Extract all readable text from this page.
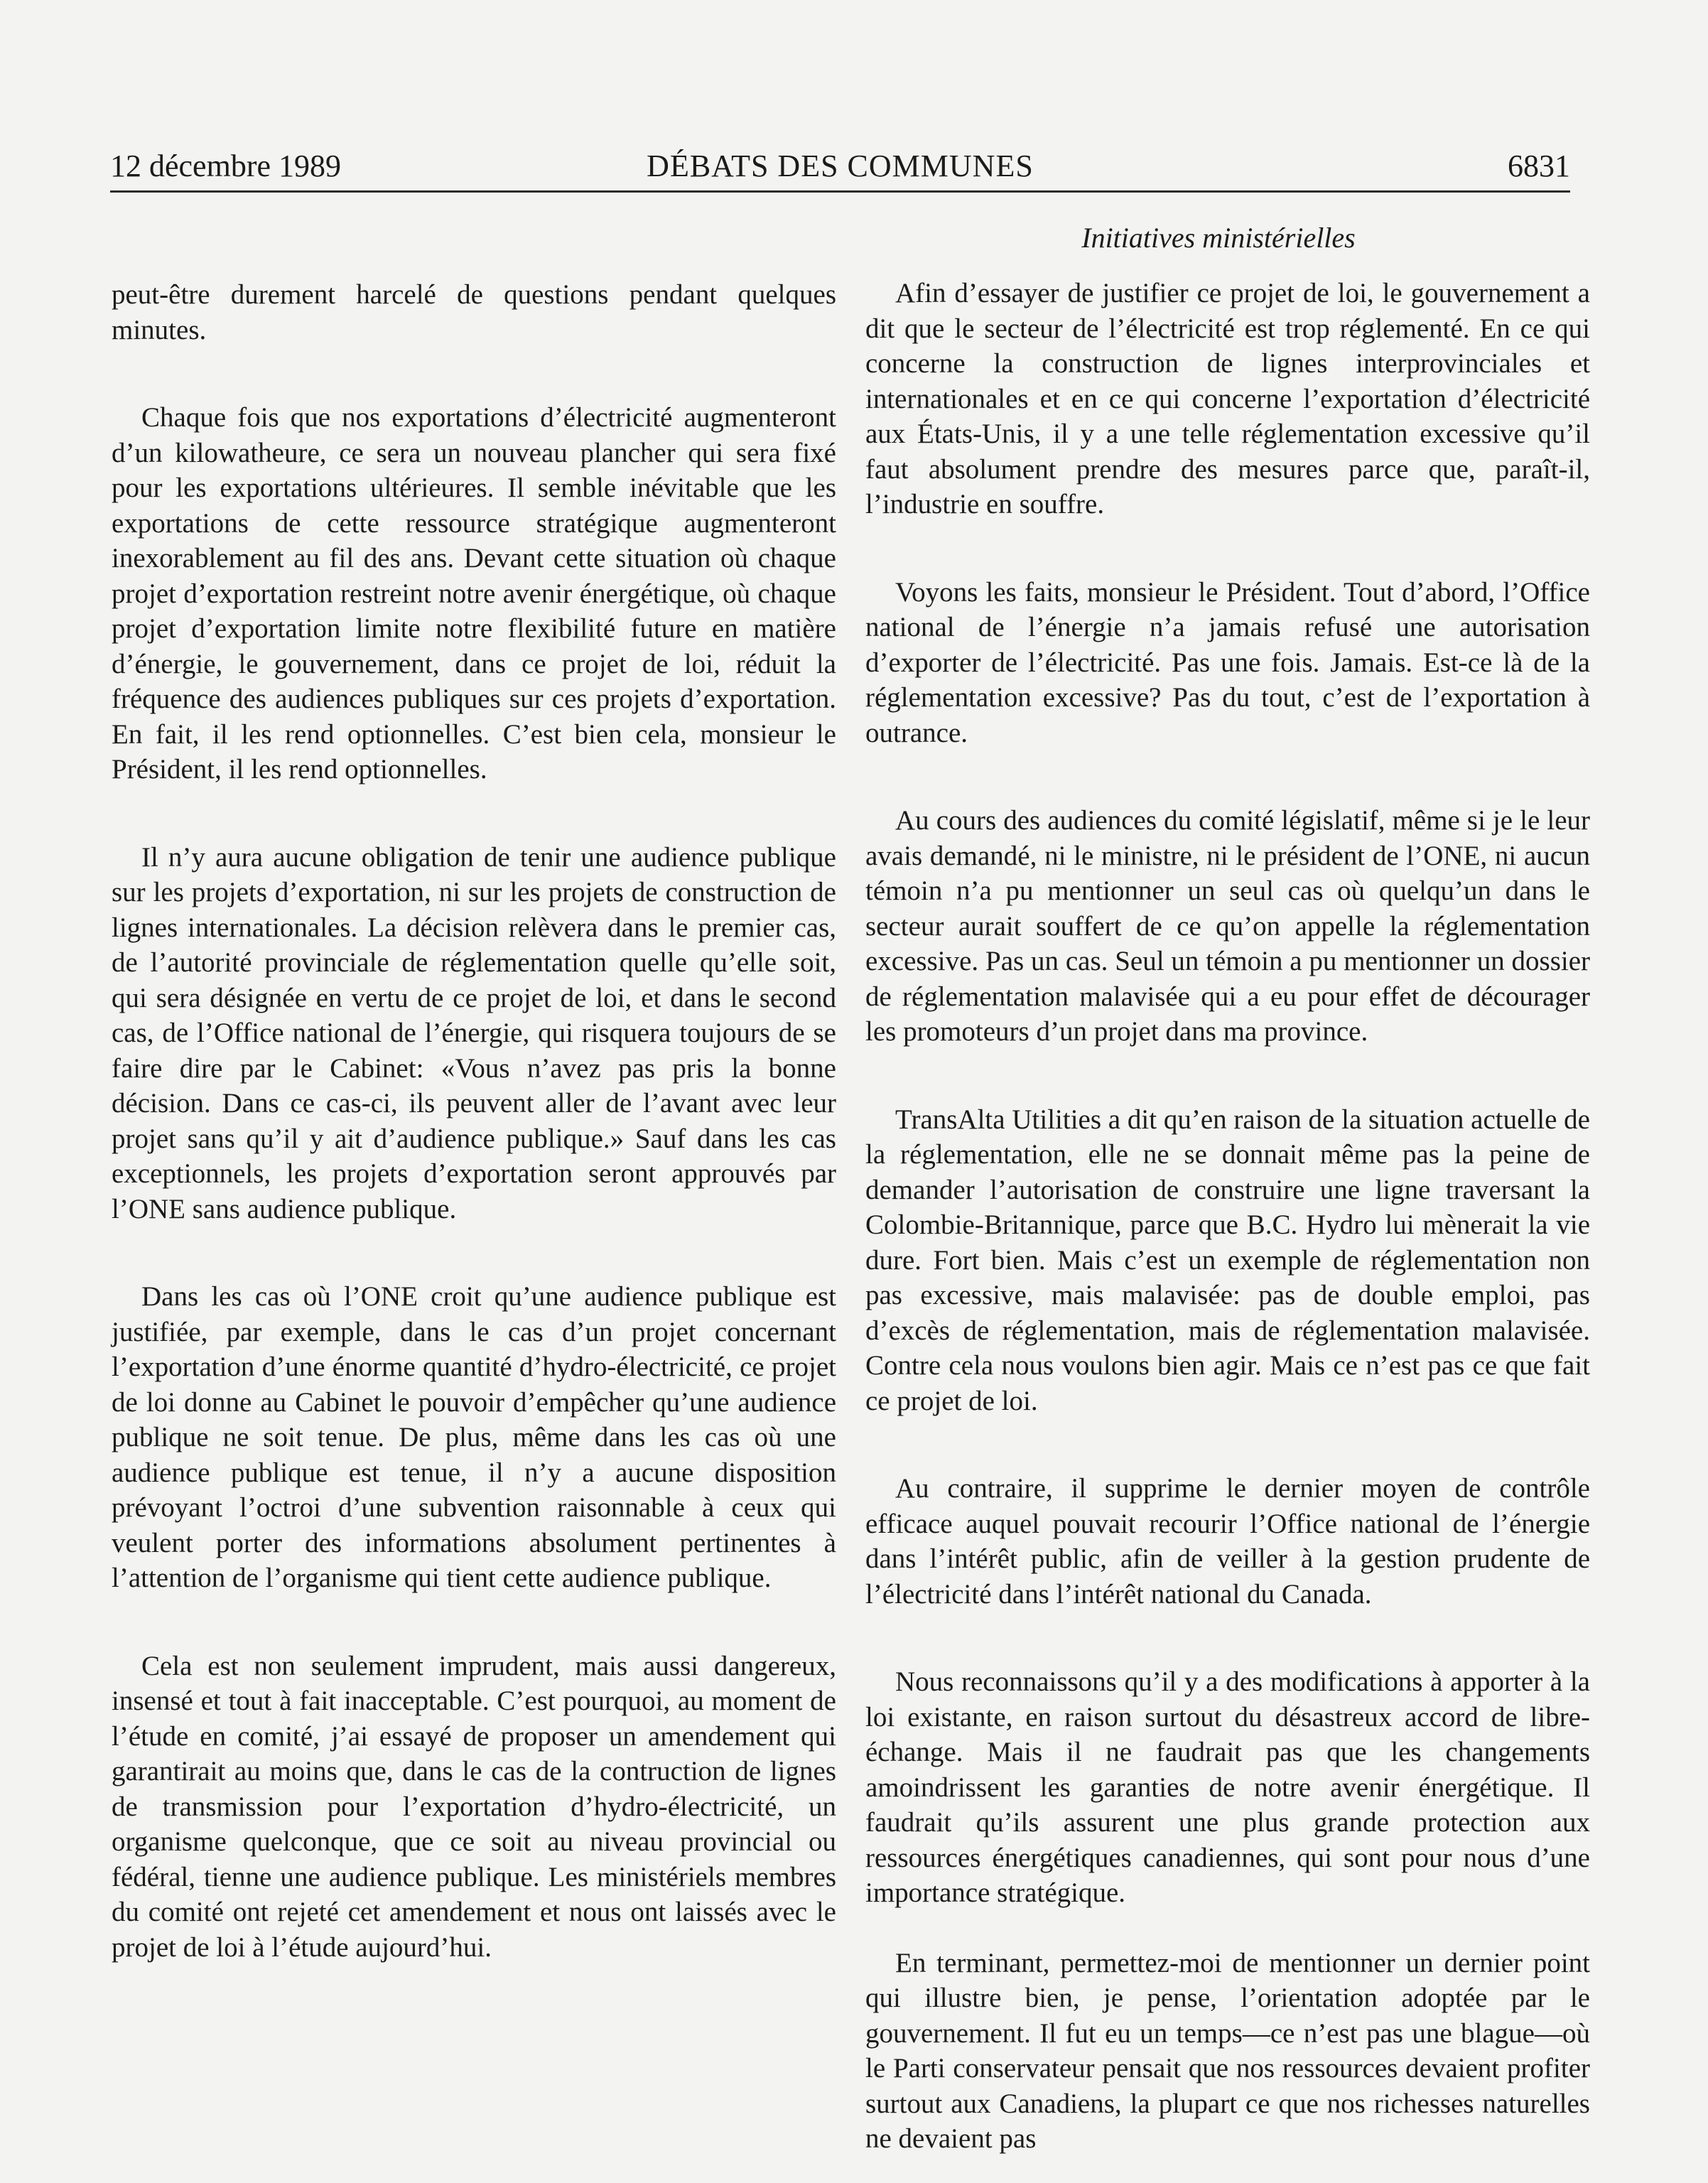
12 décembre 1989	DÉBATS DES COMMUNES	6831
Initiatives ministérielles

peut-être durement harcelé de questions pendant quelques minutes.

Chaque fois que nos exportations d’électricité augmenteront d’un kilowatheure, ce sera un nouveau plancher qui sera fixé pour les exportations ultérieures. Il semble inévitable que les exportations de cette ressource stratégique augmenteront inexorablement au fil des ans. Devant cette situation où chaque projet d’exportation restreint notre avenir énergétique, où chaque projet d’exportation limite notre flexibilité future en matière d’énergie, le gouvernement, dans ce projet de loi, réduit la fréquence des audiences publiques sur ces projets d’exportation. En fait, il les rend optionnelles. C’est bien cela, monsieur le Président, il les rend optionnelles.

Il n’y aura aucune obligation de tenir une audience publique sur les projets d’exportation, ni sur les projets de construction de lignes internationales. La décision relèvera dans le premier cas, de l’autorité provinciale de réglementation quelle qu’elle soit, qui sera désignée en vertu de ce projet de loi, et dans le second cas, de l’Office national de l’énergie, qui risquera toujours de se faire dire par le Cabinet: «Vous n’avez pas pris la bonne décision. Dans ce cas-ci, ils peuvent aller de l’avant avec leur projet sans qu’il y ait d’audience publique.» Sauf dans les cas exceptionnels, les projets d’exportation seront approuvés par l’ONE sans audience publique.

Dans les cas où l’ONE croit qu’une audience publique est justifiée, par exemple, dans le cas d’un projet concernant l’exportation d’une énorme quantité d’hydro-électricité, ce projet de loi donne au Cabinet le pouvoir d’empêcher qu’une audience publique ne soit tenue. De plus, même dans les cas où une audience publique est tenue, il n’y a aucune disposition prévoyant l’octroi d’une subvention raisonnable à ceux qui veulent porter des informations absolument pertinentes à l’attention de l’organisme qui tient cette audience publique.

Cela est non seulement imprudent, mais aussi dangereux, insensé et tout à fait inacceptable. C’est pourquoi, au moment de l’étude en comité, j’ai essayé de proposer un amendement qui garantirait au moins que, dans le cas de la contruction de lignes de transmission pour l’exportation d’hydro-électricité, un organisme quelconque, que ce soit au niveau provincial ou fédéral, tienne une audience publique. Les ministériels membres du comité ont rejeté cet amendement et nous ont laissés avec le projet de loi à l’étude aujourd’hui.

Afin d’essayer de justifier ce projet de loi, le gouvernement a dit que le secteur de l’électricité est trop réglementé. En ce qui concerne la construction de lignes interprovinciales et internationales et en ce qui concerne l’exportation d’électricité aux États-Unis, il y a une telle réglementation excessive qu’il faut absolument prendre des mesures parce que, paraît-il, l’industrie en souffre.

Voyons les faits, monsieur le Président. Tout d’abord, l’Office national de l’énergie n’a jamais refusé une autorisation d’exporter de l’électricité. Pas une fois. Jamais. Est-ce là de la réglementation excessive? Pas du tout, c’est de l’exportation à outrance.

Au cours des audiences du comité législatif, même si je le leur avais demandé, ni le ministre, ni le président de l’ONE, ni aucun témoin n’a pu mentionner un seul cas où quelqu’un dans le secteur aurait souffert de ce qu’on appelle la réglementation excessive. Pas un cas. Seul un témoin a pu mentionner un dossier de réglementation malavisée qui a eu pour effet de décourager les promoteurs d’un projet dans ma province.

TransAlta Utilities a dit qu’en raison de la situation actuelle de la réglementation, elle ne se donnait même pas la peine de demander l’autorisation de construire une ligne traversant la Colombie-Britannique, parce que B.C. Hydro lui mènerait la vie dure. Fort bien. Mais c’est un exemple de réglementation non pas excessive, mais malavisée: pas de double emploi, pas d’excès de réglementation, mais de réglementation malavisée. Contre cela nous voulons bien agir. Mais ce n’est pas ce que fait ce projet de loi.

Au contraire, il supprime le dernier moyen de contrôle efficace auquel pouvait recourir l’Office national de l’énergie dans l’intérêt public, afin de veiller à la gestion prudente de l’électricité dans l’intérêt national du Canada.

Nous reconnaissons qu’il y a des modifications à apporter à la loi existante, en raison surtout du désastreux accord de libre-échange. Mais il ne faudrait pas que les changements amoindrissent les garanties de notre avenir énergétique. Il faudrait qu’ils assurent une plus grande protection aux ressources énergétiques canadiennes, qui sont pour nous d’une importance stratégique.

En terminant, permettez-moi de mentionner un dernier point qui illustre bien, je pense, l’orientation adoptée par le gouvernement. Il fut eu un temps—ce n’est pas une blague—où le Parti conservateur pensait que nos ressources devaient profiter surtout aux Canadiens, la plupart ce que nos richesses naturelles ne devaient pas
